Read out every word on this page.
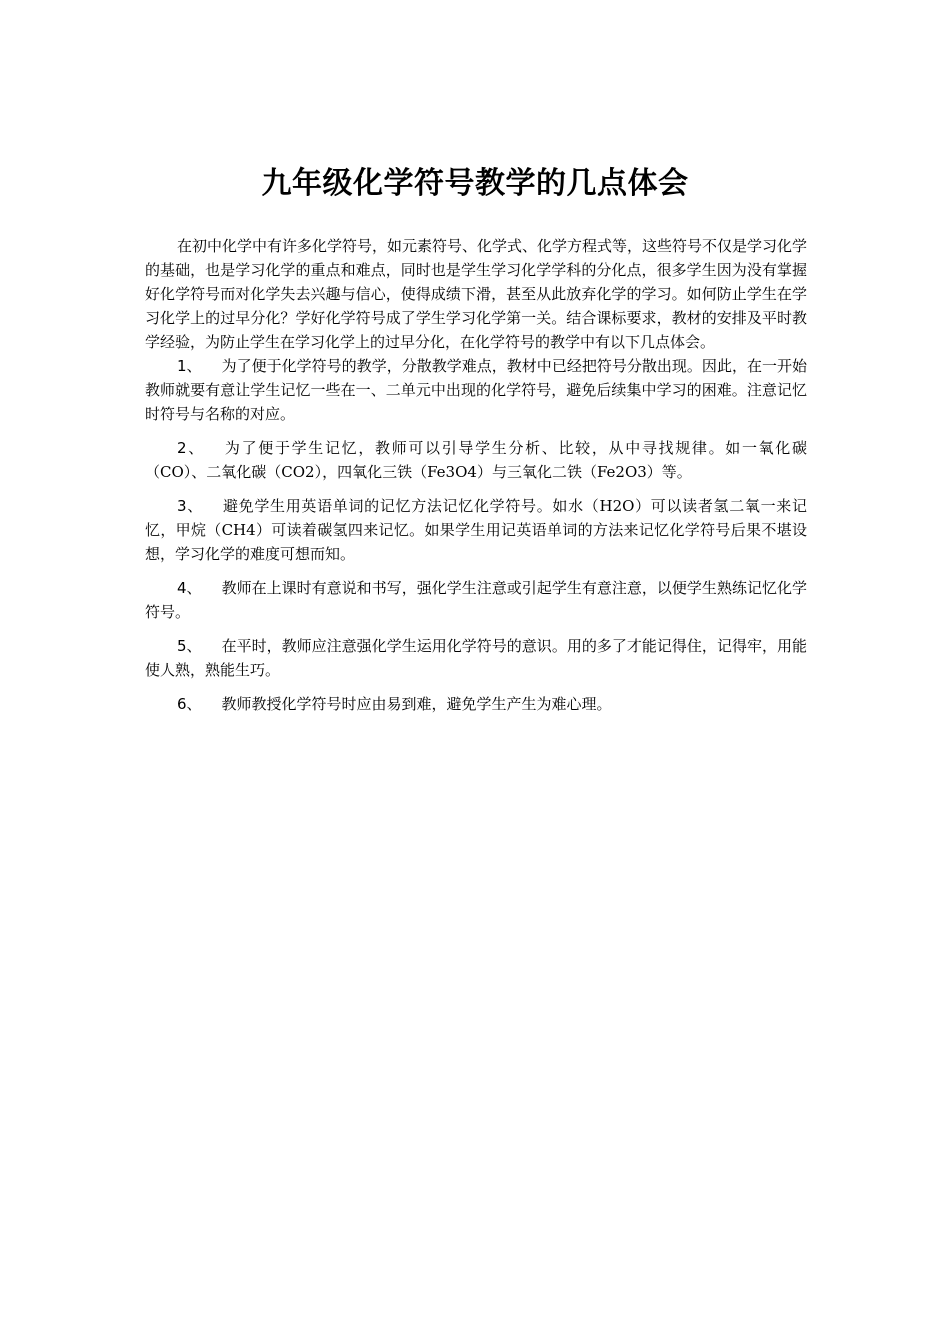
九年级化学符号教学的几点体会

在初中化学中有许多化学符号，如元素符号、化学式、化学方程式等，这些符号不仅是学习化学的基础，也是学习化学的重点和难点，同时也是学生学习化学学科的分化点，很多学生因为没有掌握好化学符号而对化学失去兴趣与信心，使得成绩下滑，甚至从此放弃化学的学习。如何防止学生在学习化学上的过早分化？学好化学符号成了学生学习化学第一关。结合课标要求，教材的安排及平时教学经验，为防止学生在学习化学上的过早分化，在化学符号的教学中有以下几点体会。

1、 为了便于化学符号的教学，分散教学难点，教材中已经把符号分散出现。因此，在一开始教师就要有意让学生记忆一些在一、二单元中出现的化学符号，避免后续集中学习的困难。注意记忆时符号与名称的对应。

2、 为了便于学生记忆，教师可以引导学生分析、比较，从中寻找规律。如一氧化碳（CO）、二氧化碳（CO2），四氧化三铁（Fe3O4）与三氧化二铁（Fe2O3）等。

3、 避免学生用英语单词的记忆方法记忆化学符号。如水（H2O）可以读者氢二氧一来记忆，甲烷（CH4）可读着碳氢四来记忆。如果学生用记英语单词的方法来记忆化学符号后果不堪设想，学习化学的难度可想而知。

4、 教师在上课时有意说和书写，强化学生注意或引起学生有意注意，以便学生熟练记忆化学符号。

5、 在平时，教师应注意强化学生运用化学符号的意识。用的多了才能记得住，记得牢，用能使人熟，熟能生巧。

6、 教师教授化学符号时应由易到难，避免学生产生为难心理。
